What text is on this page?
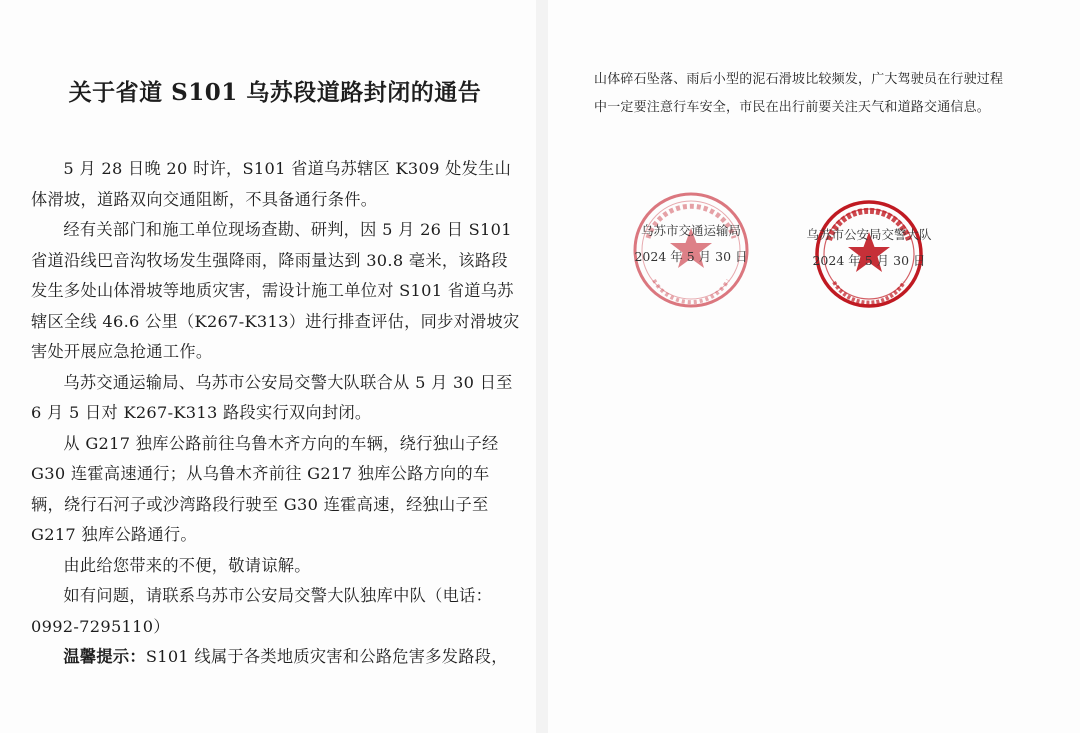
关于省道 S101 乌苏段道路封闭的通告

5 月 28 日晚 20 时许，S101 省道乌苏辖区 K309 处发生山体滑坡，道路双向交通阻断，不具备通行条件。

经有关部门和施工单位现场查勘、研判，因 5 月 26 日 S101 省道沿线巴音沟牧场发生强降雨，降雨量达到 30.8 毫米，该路段发生多处山体滑坡等地质灾害，需设计施工单位对 S101 省道乌苏辖区全线 46.6 公里（K267-K313）进行排查评估，同步对滑坡灾害处开展应急抢通工作。

乌苏交通运输局、乌苏市公安局交警大队联合从 5 月 30 日至 6 月 5 日对 K267-K313 路段实行双向封闭。

从 G217 独库公路前往乌鲁木齐方向的车辆，绕行独山子经 G30 连霍高速通行；从乌鲁木齐前往 G217 独库公路方向的车辆，绕行石河子或沙湾路段行驶至 G30 连霍高速，经独山子至 G217 独库公路通行。

由此给您带来的不便，敬请谅解。

如有问题，请联系乌苏市公安局交警大队独库中队（电话：

0992-7295110）

温馨提示：S101 线属于各类地质灾害和公路危害多发路段，

山体碎石坠落、雨后小型的泥石滑坡比较频发，广大驾驶员在行驶过程中一定要注意行车安全，市民在出行前要关注天气和道路交通信息。

乌苏市交通运输局
2024 年 5 月 30 日
乌苏市公安局交警大队
2024 年 5 月 30 日
